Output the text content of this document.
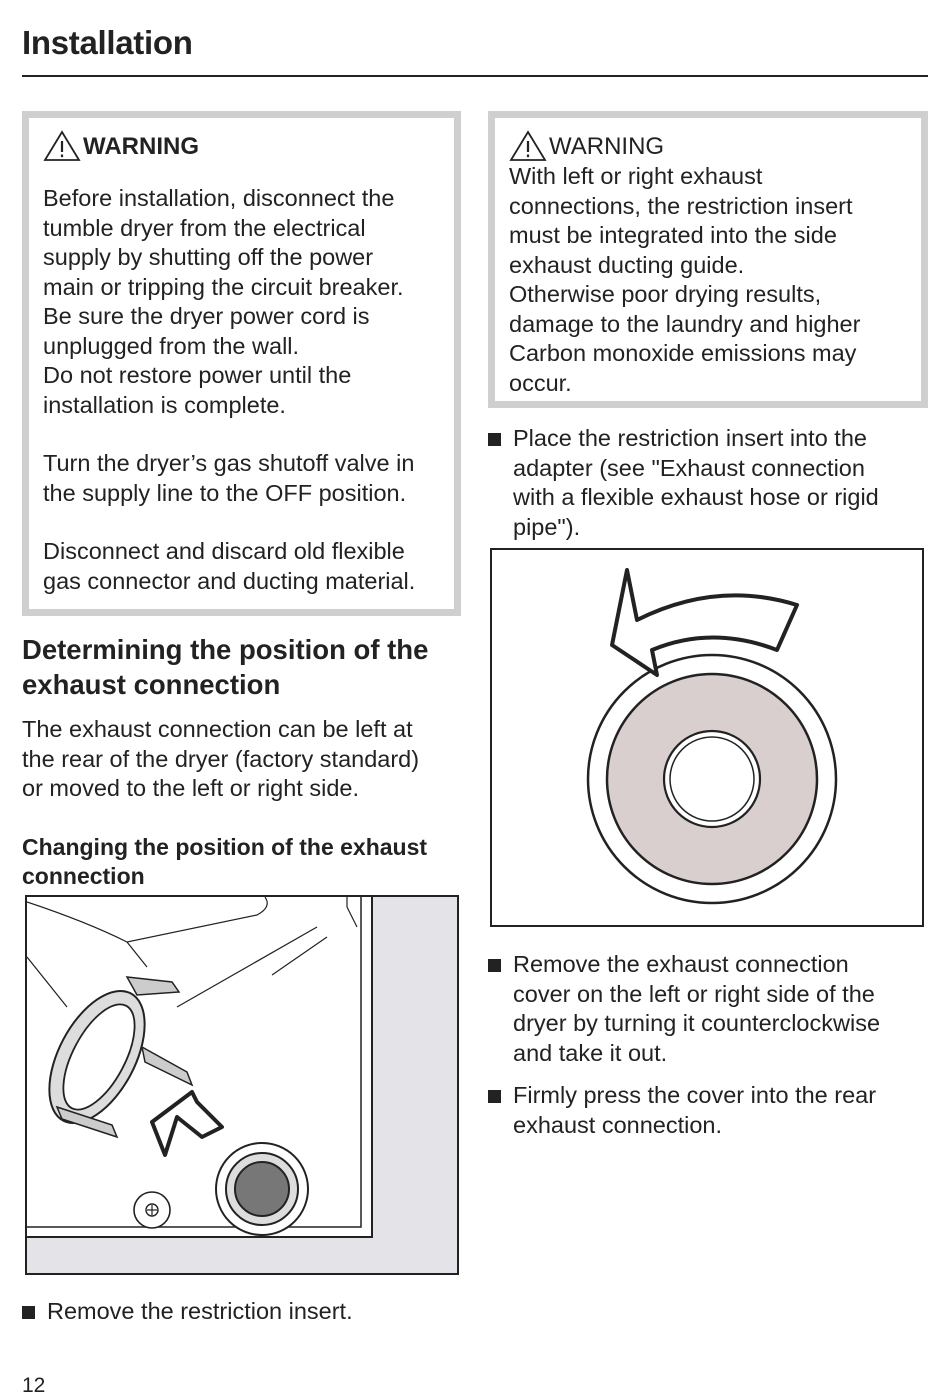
Installation
WARNING

Before installation, disconnect the
tumble dryer from the electrical
supply by shutting off the power
main or tripping the circuit breaker.
Be sure the dryer power cord is
unplugged from the wall.
Do not restore power until the
installation is complete.

Turn the dryer’s gas shutoff valve in
the supply line to the OFF position.

Disconnect and discard old flexible
gas connector and ducting material.

Determining the position of the
exhaust connection
The exhaust connection can be left at
the rear of the dryer (factory standard)
or moved to the left or right side.
Changing the position of the exhaust
connection
WARNING

With left or right exhaust
connections, the restriction insert
must be integrated into the side
exhaust ducting guide.
Otherwise poor drying results,
damage to the laundry and higher
Carbon monoxide emissions may
occur.

Place the restriction insert into the
adapter (see "Exhaust connection
with a flexible exhaust hose or rigid
pipe").
Remove the exhaust connection
cover on the left or right side of the
dryer by turning it counterclockwise
and take it out.
Firmly press the cover into the rear
exhaust connection.
Remove the restriction insert.
12
